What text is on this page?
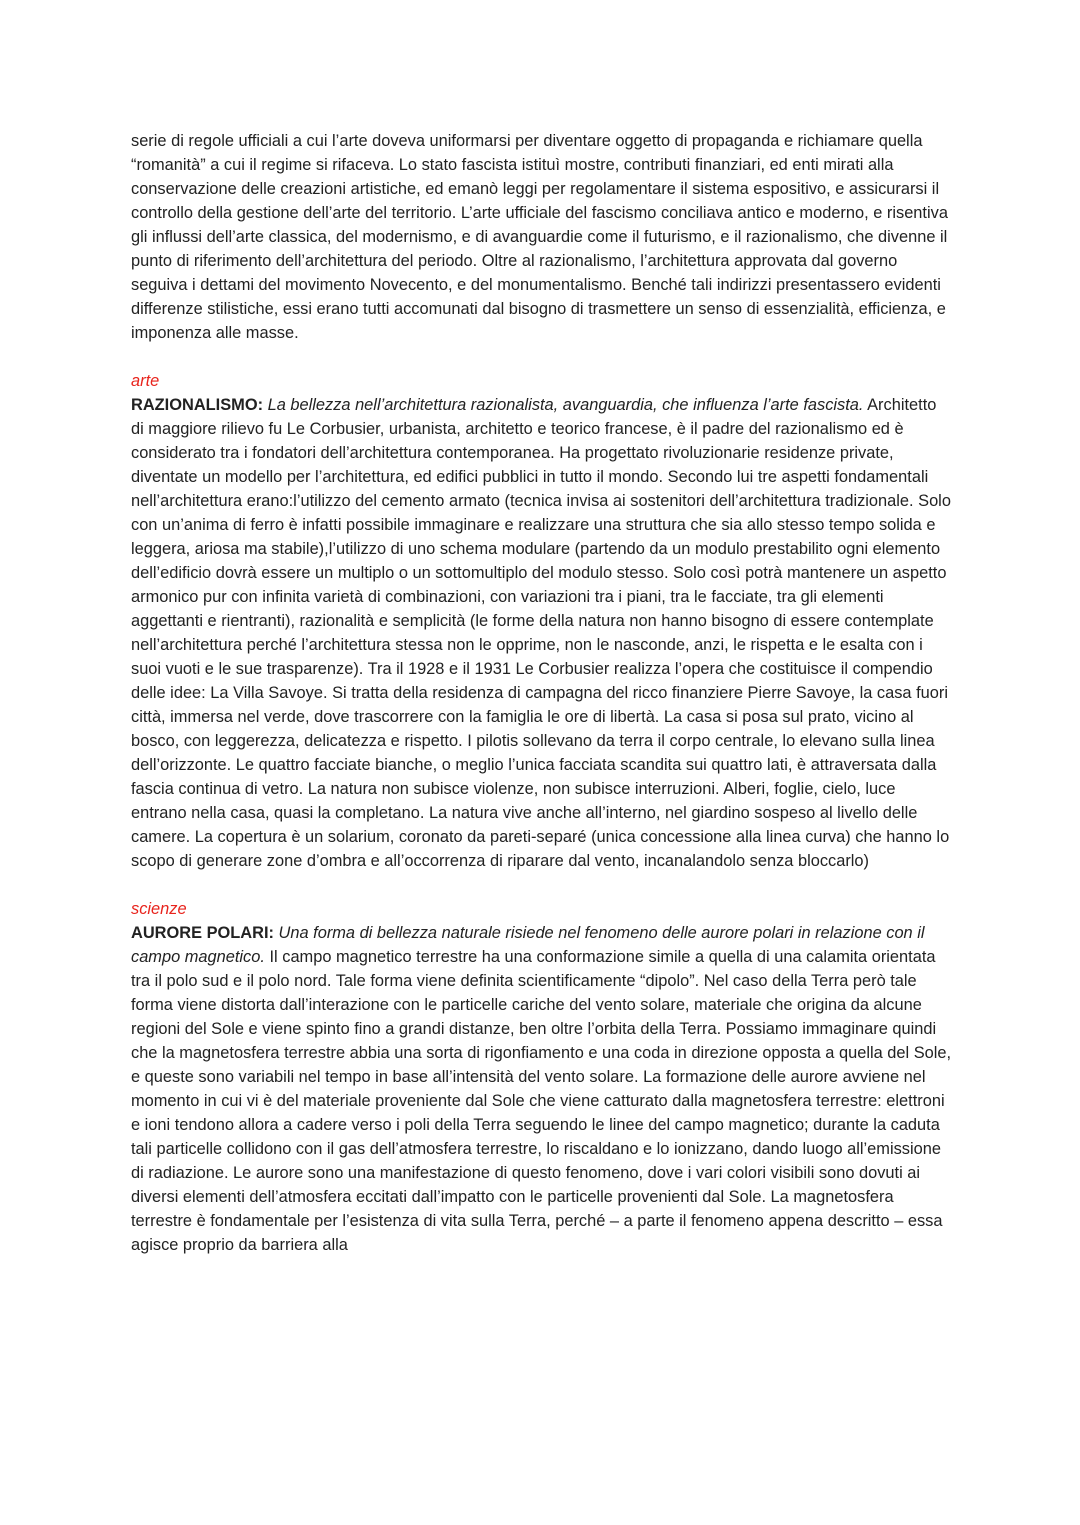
serie di regole ufficiali a cui l’arte doveva uniformarsi per diventare oggetto di propaganda e richiamare quella “romanità” a cui il regime si rifaceva. Lo stato fascista istituì mostre, contributi finanziari, ed enti mirati alla conservazione delle creazioni artistiche, ed emanò leggi per regolamentare il sistema espositivo, e assicurarsi il controllo della gestione dell’arte del territorio. L’arte ufficiale del fascismo conciliava antico e moderno, e risentiva gli influssi dell’arte classica, del modernismo, e di avanguardie come il futurismo, e il razionalismo, che divenne il punto di riferimento dell’architettura del periodo. Oltre al razionalismo, l’architettura approvata dal governo seguiva i dettami del movimento Novecento, e del monumentalismo. Benché tali indirizzi presentassero evidenti differenze stilistiche, essi erano tutti accomunati dal bisogno di trasmettere un senso di essenzialità, efficienza, e imponenza alle masse.

arte

RAZIONALISMO: La bellezza nell’architettura razionalista, avanguardia, che influenza l’arte fascista. Architetto di maggiore rilievo fu Le Corbusier, urbanista, architetto e teorico francese, è il padre del razionalismo ed è considerato tra i fondatori dell’architettura contemporanea. Ha progettato rivoluzionarie residenze private, diventate un modello per l’architettura, ed edifici pubblici in tutto il mondo. Secondo lui tre aspetti fondamentali nell’architettura erano:l’utilizzo del cemento armato (tecnica invisa ai sostenitori dell’architettura tradizionale. Solo con un’anima di ferro è infatti possibile immaginare e realizzare una struttura che sia allo stesso tempo solida e leggera, ariosa ma stabile),l’utilizzo di uno schema modulare (partendo da un modulo prestabilito ogni elemento dell’edificio dovrà essere un multiplo o un sottomultiplo del modulo stesso. Solo così potrà mantenere un aspetto armonico pur con infinita varietà di combinazioni, con variazioni tra i piani, tra le facciate, tra gli elementi aggettanti e rientranti), razionalità e semplicità (le forme della natura non hanno bisogno di essere contemplate nell’architettura perché l’architettura stessa non le opprime, non le nasconde, anzi, le rispetta e le esalta con i suoi vuoti e le sue trasparenze). Tra il 1928 e il 1931 Le Corbusier realizza l’opera che costituisce il compendio delle idee: La Villa Savoye. Si tratta della residenza di campagna del ricco finanziere Pierre Savoye, la casa fuori città, immersa nel verde, dove trascorrere con la famiglia le ore di libertà. La casa si posa sul prato, vicino al bosco, con leggerezza, delicatezza e rispetto. I pilotis sollevano da terra il corpo centrale, lo elevano sulla linea dell’orizzonte. Le quattro facciate bianche, o meglio l’unica facciata scandita sui quattro lati, è attraversata dalla fascia continua di vetro. La natura non subisce violenze, non subisce interruzioni. Alberi, foglie, cielo, luce entrano nella casa, quasi la completano. La natura vive anche all’interno, nel giardino sospeso al livello delle camere. La copertura è un solarium, coronato da pareti-separé (unica concessione alla linea curva) che hanno lo scopo di generare zone d’ombra e all’occorrenza di riparare dal vento, incanalandolo senza bloccarlo)

scienze

AURORE POLARI: Una forma di bellezza naturale risiede nel fenomeno delle aurore polari in relazione con il campo magnetico. Il campo magnetico terrestre ha una conformazione simile a quella di una calamita orientata tra il polo sud e il polo nord. Tale forma viene definita scientificamente “dipolo”. Nel caso della Terra però tale forma viene distorta dall’interazione con le particelle cariche del vento solare, materiale che origina da alcune regioni del Sole e viene spinto fino a grandi distanze, ben oltre l’orbita della Terra. Possiamo immaginare quindi che la magnetosfera terrestre abbia una sorta di rigonfiamento e una coda in direzione opposta a quella del Sole, e queste sono variabili nel tempo in base all’intensità del vento solare. La formazione delle aurore avviene nel momento in cui vi è del materiale proveniente dal Sole che viene catturato dalla magnetosfera terrestre: elettroni e ioni tendono allora a cadere verso i poli della Terra seguendo le linee del campo magnetico; durante la caduta tali particelle collidono con il gas dell’atmosfera terrestre, lo riscaldano e lo ionizzano, dando luogo all’emissione di radiazione. Le aurore sono una manifestazione di questo fenomeno, dove i vari colori visibili sono dovuti ai diversi elementi dell’atmosfera eccitati dall’impatto con le particelle provenienti dal Sole. La magnetosfera terrestre è fondamentale per l’esistenza di vita sulla Terra, perché – a parte il fenomeno appena descritto – essa agisce proprio da barriera alla
